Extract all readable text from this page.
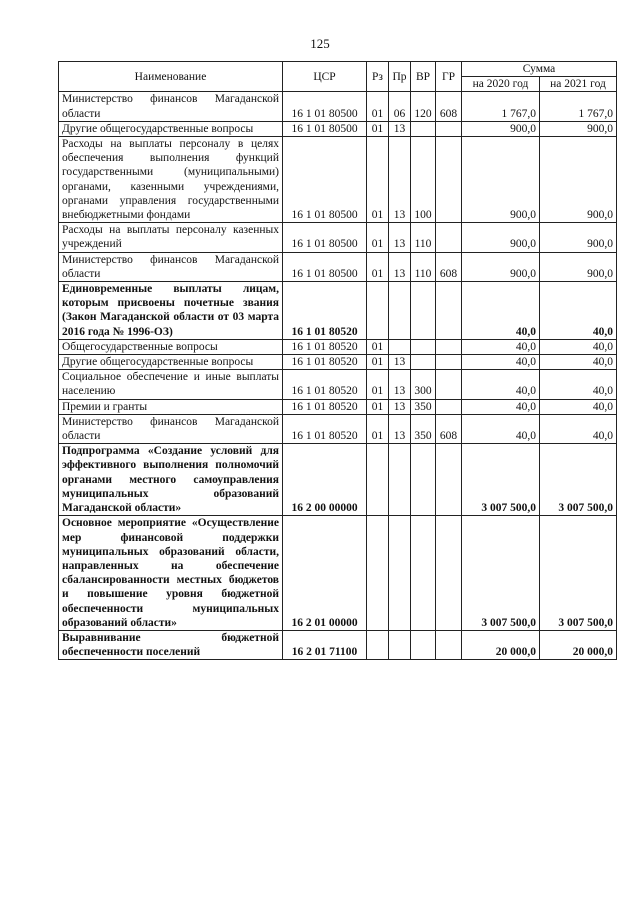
125
Наименование	ЦСР	Рз	Пр	ВР	ГР	Сумма	
						на 2020 год	на 2021 год
Министерство финансов Магаданской области	16 1 01 80500	01	06	120	608	1 767,0	1 767,0
Другие общегосударственные вопросы	16 1 01 80500	01	13			900,0	900,0
Расходы на выплаты персоналу в целях обеспечения выполнения функций государственными (муниципальными) органами, казенными учреждениями, органами управления государственными внебюджетными фондами	16 1 01 80500	01	13	100		900,0	900,0
Расходы на выплаты персоналу казенных учреждений	16 1 01 80500	01	13	110		900,0	900,0
Министерство финансов Магаданской области	16 1 01 80500	01	13	110	608	900,0	900,0
Единовременные выплаты лицам, которым присвоены почетные звания (Закон Магаданской области от 03 марта 2016 года № 1996-ОЗ)	16 1 01 80520					40,0	40,0
Общегосударственные вопросы	16 1 01 80520	01				40,0	40,0
Другие общегосударственные вопросы	16 1 01 80520	01	13			40,0	40,0
Социальное обеспечение и иные выплаты населению	16 1 01 80520	01	13	300		40,0	40,0
Премии и гранты	16 1 01 80520	01	13	350		40,0	40,0
Министерство финансов Магаданской области	16 1 01 80520	01	13	350	608	40,0	40,0
Подпрограмма «Создание условий для эффективного выполнения полномочий органами местного самоуправления муниципальных образований Магаданской области»	16 2 00 00000					3 007 500,0	3 007 500,0
Основное мероприятие «Осуществление мер финансовой поддержки муниципальных образований области, направленных на обеспечение сбалансированности местных бюджетов и повышение уровня бюджетной обеспеченности муниципальных образований области»	16 2 01 00000					3 007 500,0	3 007 500,0
Выравнивание бюджетной обеспеченности поселений	16 2 01 71100					20 000,0	20 000,0
